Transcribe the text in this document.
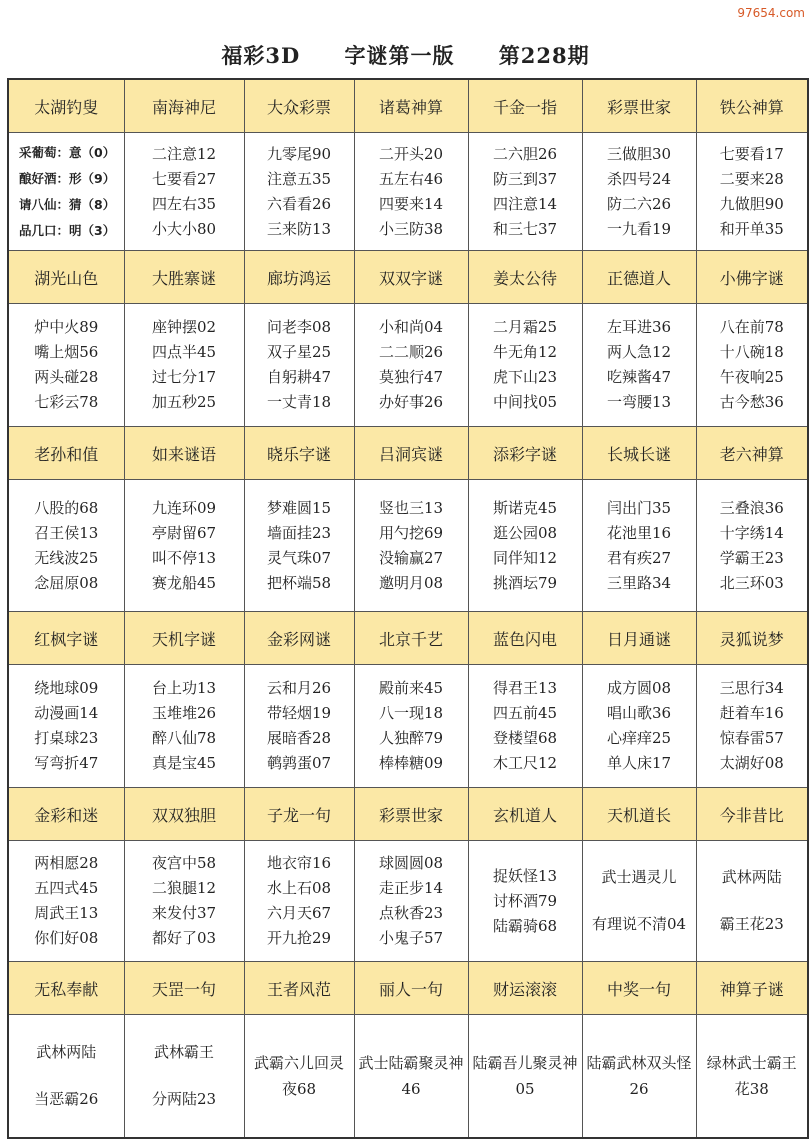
97654.com
福彩3D 字谜第一版 第228期
太湖钓叟	南海神尼	大众彩票	诸葛神算	千金一指	彩票世家	铁公神算

采葡萄：意（0）
酿好酒：形（9）
请八仙：猜（8）
品几口：明（3）	二注意12
七要看27
四左右35
小大小80	九零尾90
注意五35
六看看26
三来防13	二开头20
五左右46
四要来14
小三防38	二六胆26
防三到37
四注意14
和三七37	三做胆30
杀四号24
防二六26
一九看19	七要看17
二要来28
九做胆90
和开单35

湖光山色	大胜寨谜	廊坊鸿运	双双字谜	姜太公待	正德道人	小佛字谜

炉中火89
嘴上烟56
两头碰28
七彩云78	座钟摆02
四点半45
过七分17
加五秒25	问老李08
双子星25
自躬耕47
一丈青18	小和尚04
二二顺26
莫独行47
办好事26	二月霜25
牛无角12
虎下山23
中间找05	左耳进36
两人急12
吃辣酱47
一弯腰13	八在前78
十八碗18
午夜响25
古今愁36

老孙和值	如来谜语	晓乐字谜	吕洞宾谜	添彩字谜	长城长谜	老六神算

八股的68
召王侯13
无线波25
念屈原08	九连环09
亭尉留67
叫不停13
赛龙船45	梦难圆15
墙面挂23
灵气珠07
把杯端58	竖也三13
用勺挖69
没输赢27
邀明月08	斯诺克45
逛公园08
同伴知12
挑酒坛79	闫出门35
花池里16
君有疾27
三里路34	三叠浪36
十字绣14
学霸王23
北三环03

红枫字谜	天机字谜	金彩网谜	北京千艺	蓝色闪电	日月通谜	灵狐说梦

绕地球09
动漫画14
打桌球23
写弯折47	台上功13
玉堆堆26
醉八仙78
真是宝45	云和月26
带轻烟19
展暗香28
鹌鹑蛋07	殿前来45
八一现18
人独醉79
棒棒糖09	得君王13
四五前45
登楼望68
木工尺12	成方圆08
唱山歌36
心痒痒25
单人床17	三思行34
赶着车16
惊春雷57
太湖好08

金彩和迷	双双独胆	子龙一句	彩票世家	玄机道人	天机道长	今非昔比

两相愿28
五四式45
周武王13
你们好08	夜宫中58
二狼腿12
来发付37
都好了03	地衣帘16
水上石08
六月天67
开九抢29	球圆圆08
走正步14
点秋香23
小鬼子57	捉妖怪13
讨杯酒79
陆霸骑68	武士遇灵儿
有理说不清04	武林两陆
霸王花23

无私奉献	天罡一句	王者风范	丽人一句	财运滚滚	中奖一句	神算子谜

武林两陆
当恶霸26	武林霸王
分两陆23	武霸六儿回灵夜68	武士陆霸聚灵神46	陆霸吾儿聚灵神05	陆霸武林双头怪26	绿林武士霸王花38
